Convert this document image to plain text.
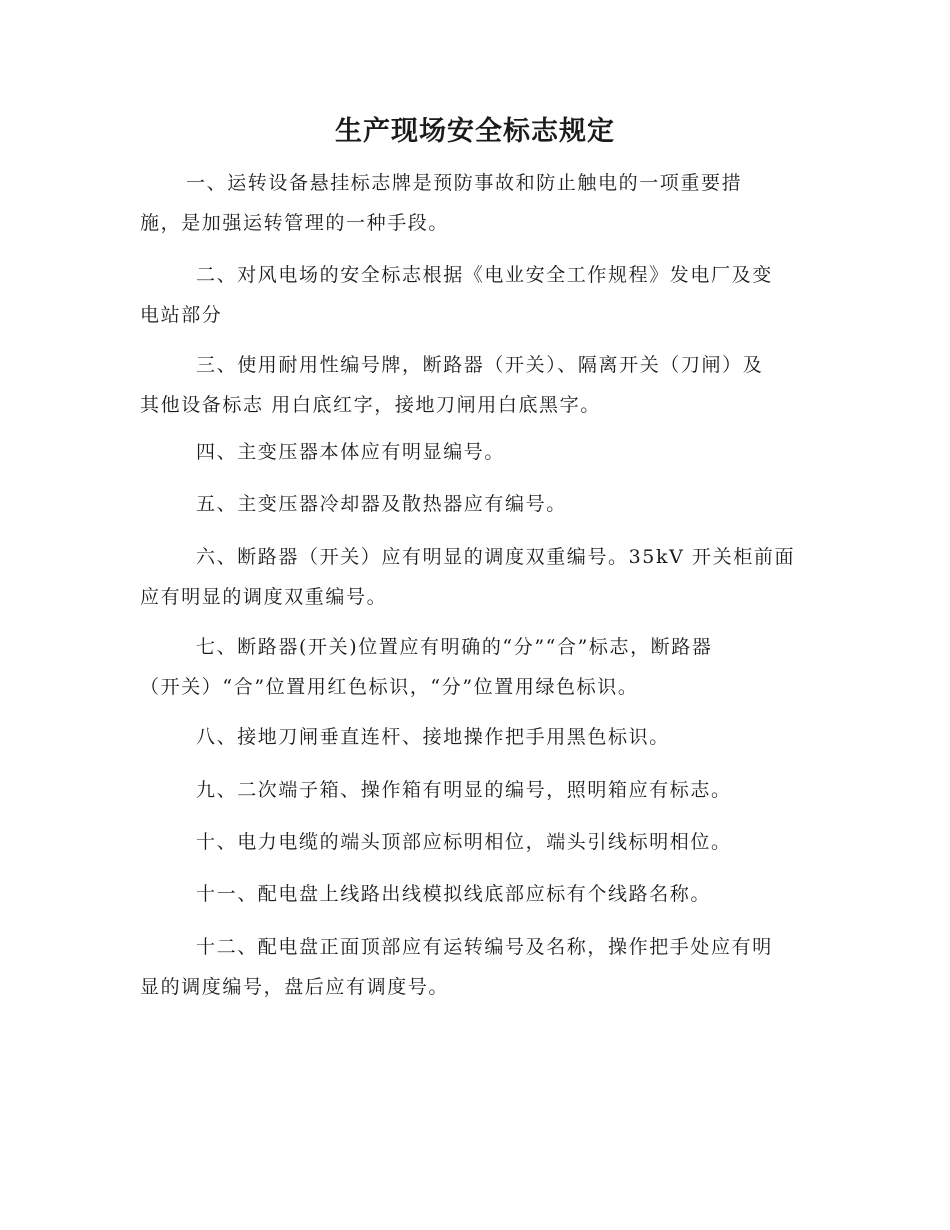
生产现场安全标志规定
一、运转设备悬挂标志牌是预防事故和防止触电的一项重要措
施，是加强运转管理的一种手段。
二、对风电场的安全标志根据《电业安全工作规程》发电厂及变
电站部分
三、使用耐用性编号牌，断路器（开关）、隔离开关（刀闸）及
其他设备标志 用白底红字，接地刀闸用白底黑字。
四、主变压器本体应有明显编号。
五、主变压器冷却器及散热器应有编号。
六、断路器（开关）应有明显的调度双重编号。35kV 开关柜前面
应有明显的调度双重编号。
七、断路器(开关)位置应有明确的“分”“合”标志，断路器
（开关）“合”位置用红色标识，“分”位置用绿色标识。
八、接地刀闸垂直连杆、接地操作把手用黑色标识。
九、二次端子箱、操作箱有明显的编号，照明箱应有标志。
十、电力电缆的端头顶部应标明相位，端头引线标明相位。
十一、配电盘上线路出线模拟线底部应标有个线路名称。
十二、配电盘正面顶部应有运转编号及名称，操作把手处应有明
显的调度编号，盘后应有调度号。
